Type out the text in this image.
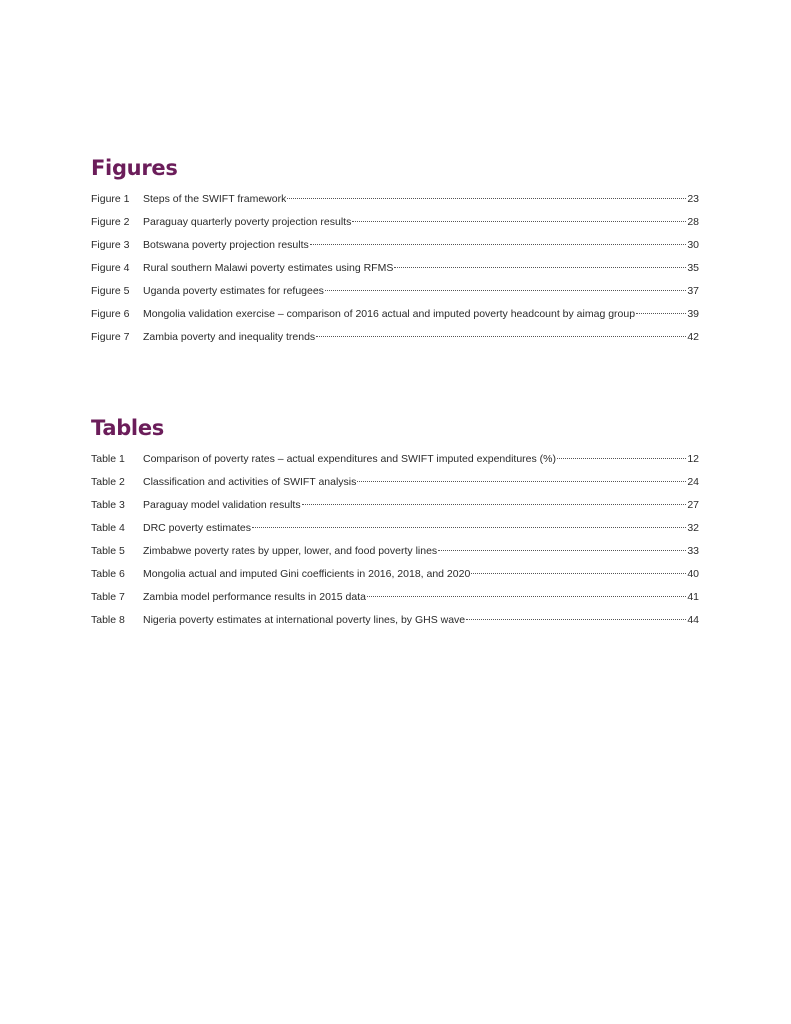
Figures
Figure 1	Steps of the SWIFT framework	23
Figure 2	Paraguay quarterly poverty projection results	28
Figure 3	Botswana poverty projection results	30
Figure 4	Rural southern Malawi poverty estimates using RFMS	35
Figure 5	Uganda poverty estimates for refugees	37
Figure 6	Mongolia validation exercise – comparison of 2016 actual and imputed poverty headcount by aimag group	39
Figure 7	Zambia poverty and inequality trends	42
Tables
Table 1	Comparison of poverty rates – actual expenditures and SWIFT imputed expenditures (%)	12
Table 2	Classification and activities of SWIFT analysis	24
Table 3	Paraguay model validation results	27
Table 4	DRC poverty estimates	32
Table 5	Zimbabwe poverty rates by upper, lower, and food poverty lines	33
Table 6	Mongolia actual and imputed Gini coefficients in 2016, 2018, and 2020	40
Table 7	Zambia model performance results in 2015 data	41
Table 8	Nigeria poverty estimates at international poverty lines, by GHS wave	44
